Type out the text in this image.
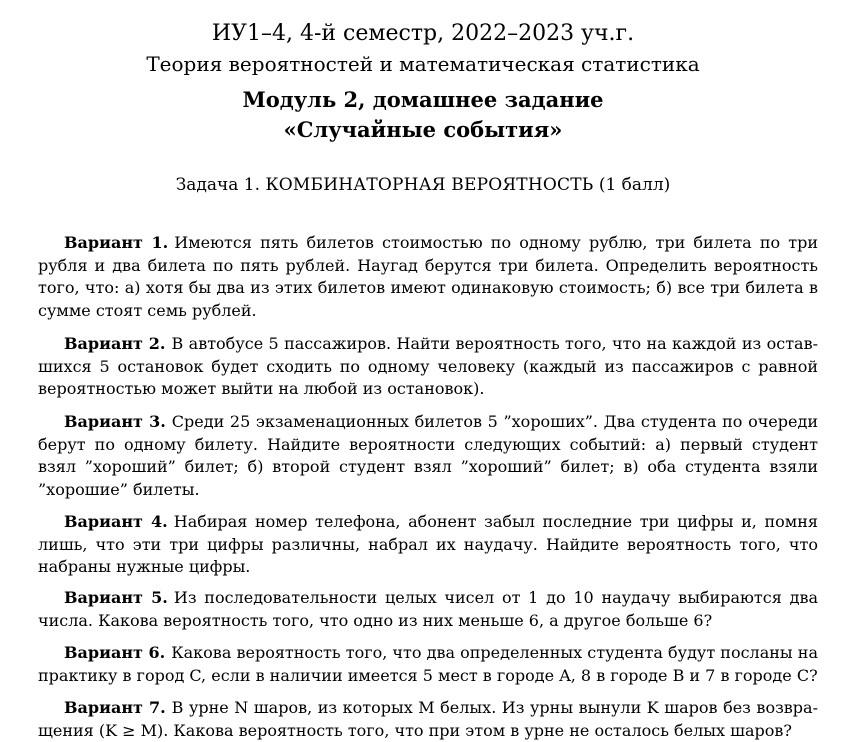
ИУ1–4, 4-й семестр, 2022–2023 уч.г.
Теория вероятностей и математическая статистика
Модуль 2, домашнее задание
«Случайные события»
Задача 1. КОМБИНАТОРНАЯ ВЕРОЯТНОСТЬ (1 балл)

Вариант 1. Имеются пять билетов стоимостью по одному рублю, три билета по три рубля и два билета по пять рублей. Наугад берутся три билета. Определить вероятность того, что: а) хотя бы два из этих билетов имеют одинаковую стоимость; б) все три билета в сумме стоят семь рублей.

Вариант 2. В автобусе 5 пассажиров. Найти вероятность того, что на каждой из оставшихся 5 остановок будет сходить по одному человеку (каждый из пассажиров с равной вероятностью может выйти на любой из остановок).

Вариант 3. Среди 25 экзаменационных билетов 5 ”хороших”. Два студента по очереди берут по одному билету. Найдите вероятности следующих событий: а) первый студент взял ”хороший” билет; б) второй студент взял ”хороший” билет; в) оба студента взяли ”хорошие” билеты.

Вариант 4. Набирая номер телефона, абонент забыл последние три цифры и, помня лишь, что эти три цифры различны, набрал их наудачу. Найдите вероятность того, что набраны нужные цифры.

Вариант 5. Из последовательности целых чисел от 1 до 10 наудачу выбираются два числа. Какова вероятность того, что одно из них меньше 6, а другое больше 6?

Вариант 6. Какова вероятность того, что два определенных студента будут посланы на практику в город C, если в наличии имеется 5 мест в городе A, 8 в городе B и 7 в городе C?

Вариант 7. В урне N шаров, из которых M белых. Из урны вынули K шаров без возвращения (K ≥ M). Какова вероятность того, что при этом в урне не осталось белых шаров?
